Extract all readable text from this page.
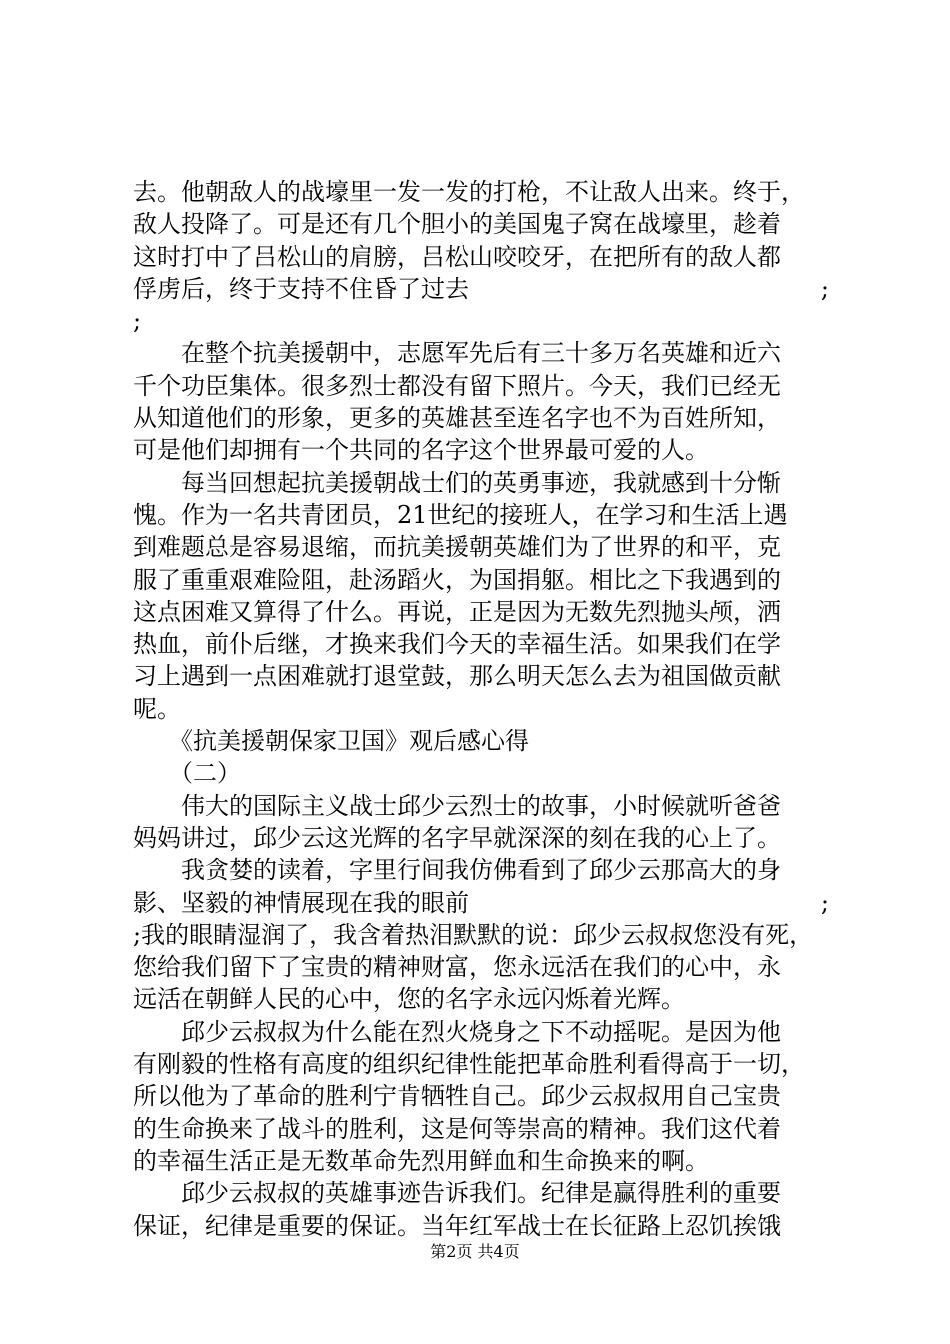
去。他朝敌人的战壕里一发一发的打枪，不让敌人出来。终于，
敌人投降了。可是还有几个胆小的美国鬼子窝在战壕里，趁着
这时打中了吕松山的肩膀，吕松山咬咬牙，在把所有的敌人都
俘虏后，终于支持不住昏了过去	;
;
　　在整个抗美援朝中，志愿军先后有三十多万名英雄和近六
千个功臣集体。很多烈士都没有留下照片。今天，我们已经无
从知道他们的形象，更多的英雄甚至连名字也不为百姓所知，
可是他们却拥有一个共同的名字这个世界最可爱的人。
　　每当回想起抗美援朝战士们的英勇事迹，我就感到十分惭
愧。作为一名共青团员，21世纪的接班人，在学习和生活上遇
到难题总是容易退缩，而抗美援朝英雄们为了世界的和平，克
服了重重艰难险阻，赴汤蹈火，为国捐躯。相比之下我遇到的
这点困难又算得了什么。再说，正是因为无数先烈抛头颅，洒
热血，前仆后继，才换来我们今天的幸福生活。如果我们在学
习上遇到一点困难就打退堂鼓，那么明天怎么去为祖国做贡献
呢。
　　《抗美援朝保家卫国》观后感心得
　　（二）
　　伟大的国际主义战士邱少云烈士的故事，小时候就听爸爸
妈妈讲过，邱少云这光辉的名字早就深深的刻在我的心上了。
　　我贪婪的读着，字里行间我仿佛看到了邱少云那高大的身
影、坚毅的神情展现在我的眼前	;
;我的眼睛湿润了，我含着热泪默默的说：邱少云叔叔您没有死，
您给我们留下了宝贵的精神财富，您永远活在我们的心中，永
远活在朝鲜人民的心中，您的名字永远闪烁着光辉。
　　邱少云叔叔为什么能在烈火烧身之下不动摇呢。是因为他
有刚毅的性格有高度的组织纪律性能把革命胜利看得高于一切，
所以他为了革命的胜利宁肯牺牲自己。邱少云叔叔用自己宝贵
的生命换来了战斗的胜利，这是何等崇高的精神。我们这代着
的幸福生活正是无数革命先烈用鲜血和生命换来的啊。
　　邱少云叔叔的英雄事迹告诉我们。纪律是赢得胜利的重要
保证，纪律是重要的保证。当年红军战士在长征路上忍饥挨饿
第2页 共4页
